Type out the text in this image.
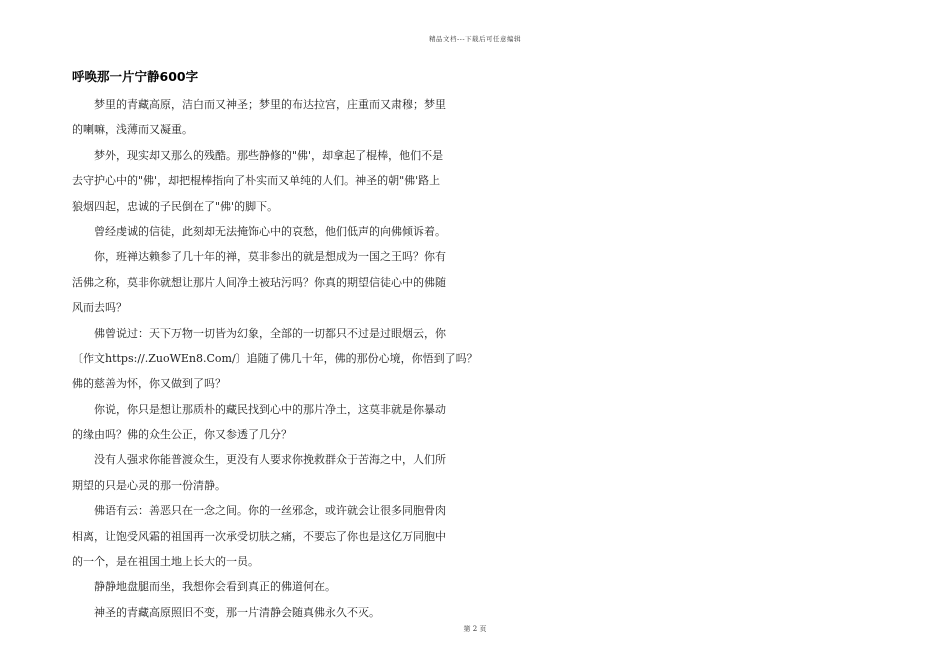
精品文档---下载后可任意编辑
呼唤那一片宁静600字
梦里的青藏高原，洁白而又神圣；梦里的布达拉宫，庄重而又肃穆；梦里
的喇嘛，浅薄而又凝重。
梦外，现实却又那么的残酷。那些静修的"佛'，却拿起了棍棒，他们不是
去守护心中的"佛'，却把棍棒指向了朴实而又单纯的人们。神圣的朝"佛'路上
狼烟四起，忠诚的子民倒在了"佛'的脚下。
曾经虔诚的信徒，此刻却无法掩饰心中的哀愁，他们低声的向佛倾诉着。
你，班禅达赖参了几十年的禅，莫非参出的就是想成为一国之王吗？你有
活佛之称，莫非你就想让那片人间净土被玷污吗？你真的期望信徒心中的佛随
风而去吗？
佛曾说过：天下万物一切皆为幻象，全部的一切都只不过是过眼烟云，你
〔作文https://.ZuoWEn8.Com/〕追随了佛几十年，佛的那份心境，你悟到了吗？
佛的慈善为怀，你又做到了吗？
你说，你只是想让那质朴的藏民找到心中的那片净土，这莫非就是你暴动
的缘由吗？佛的众生公正，你又参透了几分？
没有人强求你能普渡众生，更没有人要求你挽救群众于苦海之中，人们所
期望的只是心灵的那一份清静。
佛语有云：善恶只在一念之间。你的一丝邪念，或许就会让很多同胞骨肉
相离，让饱受风霜的祖国再一次承受切肤之痛，不要忘了你也是这亿万同胞中
的一个，是在祖国土地上长大的一员。
静静地盘腿而坐，我想你会看到真正的佛道何在。
神圣的青藏高原照旧不变，那一片清静会随真佛永久不灭。
第 2 页
